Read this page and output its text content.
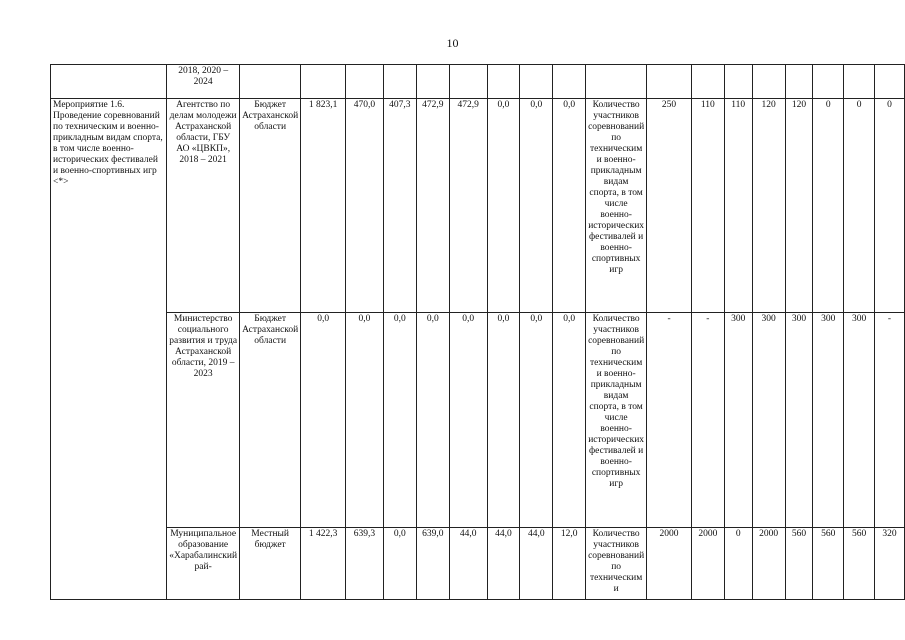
10
	2018, 2020 – 2024																		
Мероприятие 1.6. Проведение соревнований по техническим и военно-прикладным видам спорта, в том числе военно-исторических фестивалей и военно-спортивных игр <*>	Агентство по делам молодежи Астраханской области, ГБУ АО «ЦВКП», 2018 – 2021	Бюджет Астраханской области	1 823,1	470,0	407,3	472,9	472,9	0,0	0,0	0,0	Количество участников соревнований по техническим и военно-прикладным видам спорта, в том числе военно-исторических фестивалей и военно-спортивных игр	250	110	110	120	120	0	0	0
	Министерство социального развития и труда Астраханской области, 2019 – 2023	Бюджет Астраханской области	0,0	0,0	0,0	0,0	0,0	0,0	0,0	0,0	Количество участников соревнований по техническим и военно-прикладным видам спорта, в том числе военно-исторических фестивалей и военно-спортивных игр	-	-	300	300	300	300	300	-
	Муниципальное образование «Харабалинский рай-	Местный бюджет	1 422,3	639,3	0,0	639,0	44,0	44,0	44,0	12,0	Количество участников соревнований по техническим и	2000	2000	0	2000	560	560	560	320
